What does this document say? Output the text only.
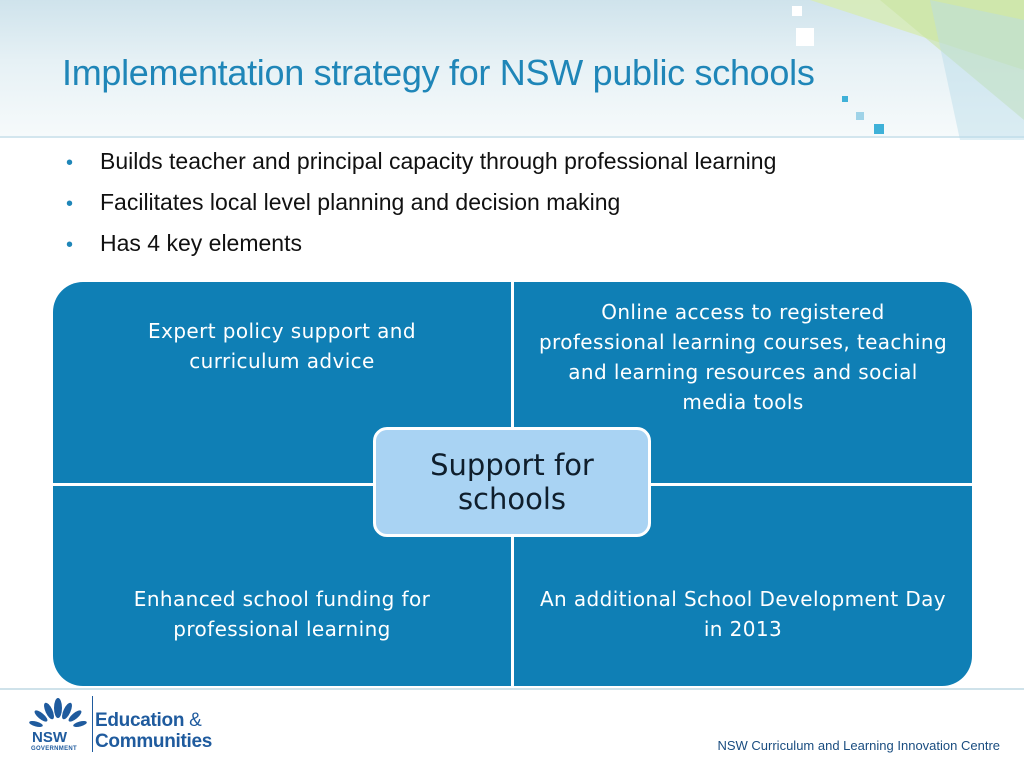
Implementation strategy for NSW public schools
•	Builds teacher and principal capacity through professional learning
•	Facilitates local level planning and decision making
•	Has 4 key elements
Expert policy support and curriculum advice
Online access to registered professional learning courses, teaching and learning resources and social media tools
Enhanced school funding for professional learning
An additional School Development Day in 2013
Support for schools
NSW
GOVERNMENT
Education &
Communities	NSW Curriculum and Learning Innovation Centre
